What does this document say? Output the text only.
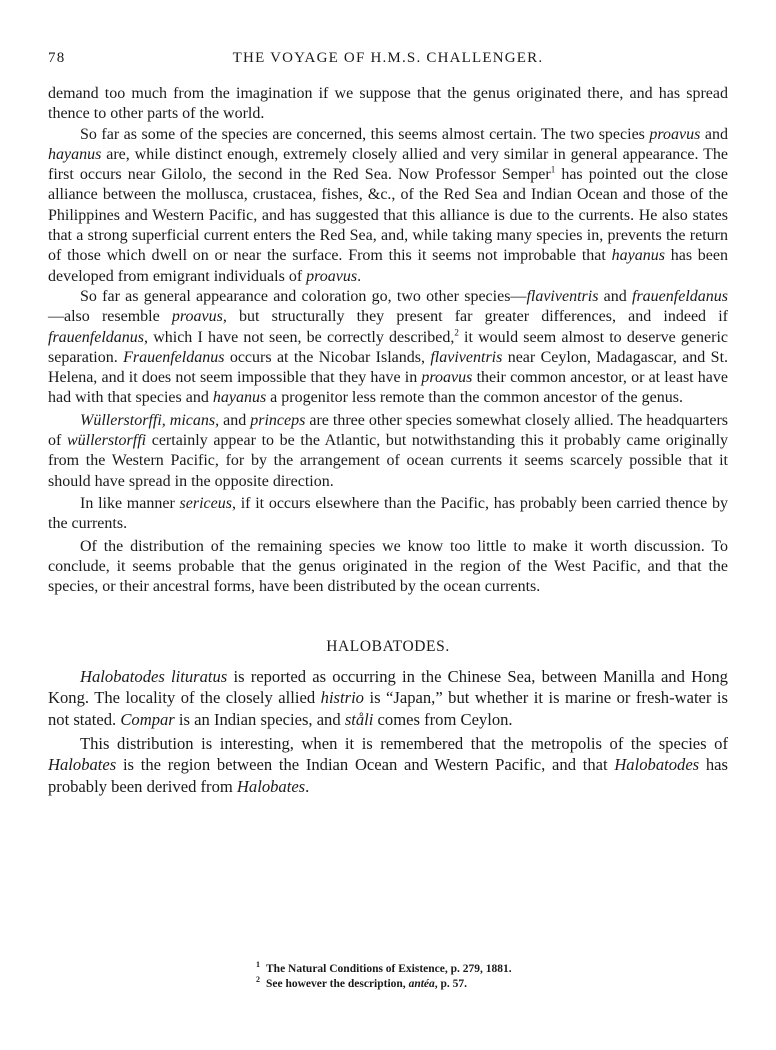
78	THE VOYAGE OF H.M.S. CHALLENGER.

demand too much from the imagination if we suppose that the genus originated there, and has spread thence to other parts of the world.

So far as some of the species are concerned, this seems almost certain. The two species proavus and hayanus are, while distinct enough, extremely closely allied and very similar in general appearance. The first occurs near Gilolo, the second in the Red Sea. Now Professor Semper$^1$ has pointed out the close alliance between the mollusca, crustacea, fishes, &c., of the Red Sea and Indian Ocean and those of the Philippines and Western Pacific, and has suggested that this alliance is due to the currents. He also states that a strong superficial current enters the Red Sea, and, while taking many species in, prevents the return of those which dwell on or near the surface. From this it seems not improbable that hayanus has been developed from emigrant individuals of proavus.

So far as general appearance and coloration go, two other species—flaviventris and frauenfeldanus—also resemble proavus, but structurally they present far greater differences, and indeed if frauenfeldanus, which I have not seen, be correctly described,$^2$ it would seem almost to deserve generic separation. Frauenfeldanus occurs at the Nicobar Islands, flaviventris near Ceylon, Madagascar, and St. Helena, and it does not seem impossible that they have in proavus their common ancestor, or at least have had with that species and hayanus a progenitor less remote than the common ancestor of the genus.

Wüllerstorffi, micans, and princeps are three other species somewhat closely allied. The headquarters of wüllerstorffi certainly appear to be the Atlantic, but notwithstanding this it probably came originally from the Western Pacific, for by the arrangement of ocean currents it seems scarcely possible that it should have spread in the opposite direction.

In like manner sericeus, if it occurs elsewhere than the Pacific, has probably been carried thence by the currents.

Of the distribution of the remaining species we know too little to make it worth discussion. To conclude, it seems probable that the genus originated in the region of the West Pacific, and that the species, or their ancestral forms, have been distributed by the ocean currents.

HALOBATODES.

Halobatodes lituratus is reported as occurring in the Chinese Sea, between Manilla and Hong Kong. The locality of the closely allied histrio is “Japan,” but whether it is marine or fresh-water is not stated. Compar is an Indian species, and ståli comes from Ceylon.

This distribution is interesting, when it is remembered that the metropolis of the species of Halobates is the region between the Indian Ocean and Western Pacific, and that Halobatodes has probably been derived from Halobates.

$^1$ The Natural Conditions of Existence, p. 279, 1881.
$^2$ See however the description, antéa, p. 57.
